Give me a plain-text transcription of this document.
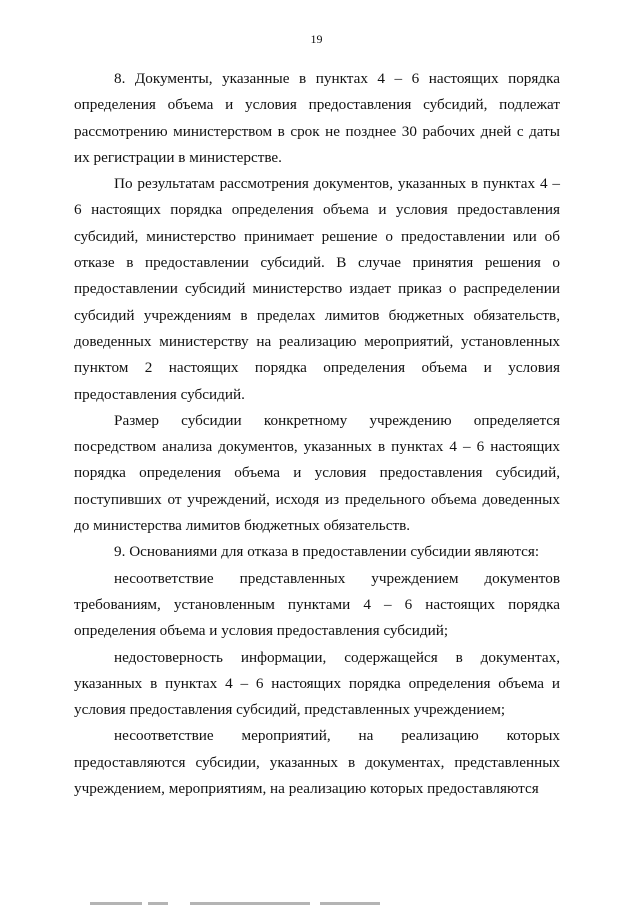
19

8. Документы, указанные в пунктах 4 – 6 настоящих порядка определения объема и условия предоставления субсидий, подлежат рассмотрению министерством в срок не позднее 30 рабочих дней с даты их регистрации в министерстве.

По результатам рассмотрения документов, указанных в пунктах 4 – 6 настоящих порядка определения объема и условия предоставления субсидий, министерство принимает решение о предоставлении или об отказе в предоставлении субсидий. В случае принятия решения о предоставлении субсидий министерство издает приказ о распределении субсидий учреждениям в пределах лимитов бюджетных обязательств, доведенных министерству на реализацию мероприятий, установленных пунктом 2 настоящих порядка определения объема и условия предоставления субсидий.

Размер субсидии конкретному учреждению определяется посредством анализа документов, указанных в пунктах 4 – 6 настоящих порядка определения объема и условия предоставления субсидий, поступивших от учреждений, исходя из предельного объема доведенных до министерства лимитов бюджетных обязательств.

9. Основаниями для отказа в предоставлении субсидии являются:

несоответствие представленных учреждением документов требованиям, установленным пунктами 4 – 6 настоящих порядка определения объема и условия предоставления субсидий;

недостоверность информации, содержащейся в документах, указанных в пунктах 4 – 6 настоящих порядка определения объема и условия предоставления субсидий, представленных учреждением;

несоответствие мероприятий, на реализацию которых предоставляются субсидии, указанных в документах, представленных учреждением, мероприятиям, на реализацию которых предоставляются
